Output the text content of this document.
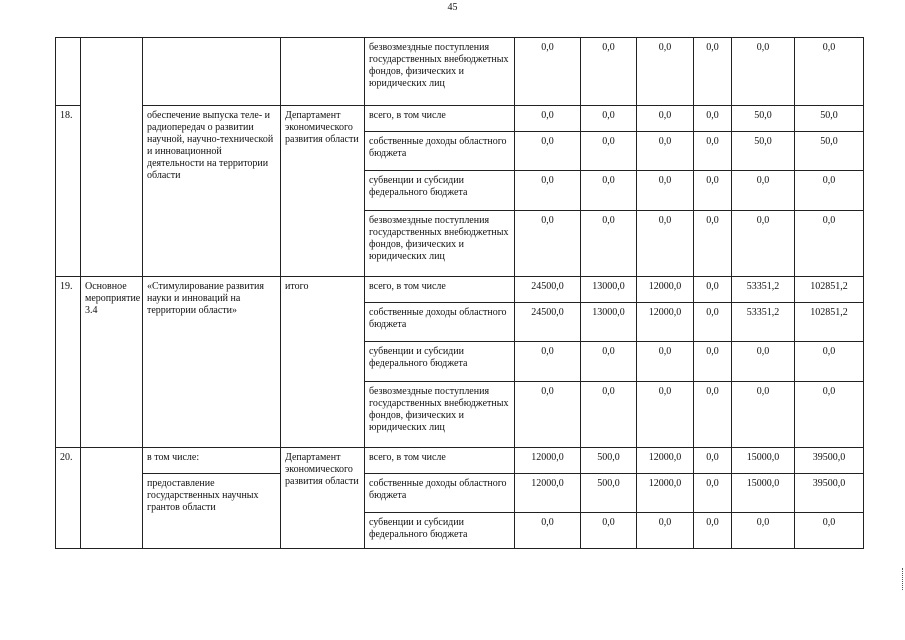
45
				безвозмездные поступления государственных внебюджетных фондов, физических и юридических лиц	0,0	0,0	0,0	0,0	0,0	0,0
18.		обеспечение выпуска теле- и радиопередач о развитии научной, научно-технической и инновационной деятельности на территории области	Департамент экономического развития области	всего, в том числе	0,0	0,0	0,0	0,0	50,0	50,0
				собственные доходы областного бюджета	0,0	0,0	0,0	0,0	50,0	50,0
				субвенции и субсидии федерального бюджета	0,0	0,0	0,0	0,0	0,0	0,0
				безвозмездные поступления государственных внебюджетных фондов, физических и юридических лиц	0,0	0,0	0,0	0,0	0,0	0,0
19.	Основное мероприятие 3.4	«Стимулирование развития науки и инноваций на территории области»	итого	всего, в том числе	24500,0	13000,0	12000,0	0,0	53351,2	102851,2
				собственные доходы областного бюджета	24500,0	13000,0	12000,0	0,0	53351,2	102851,2
				субвенции и субсидии федерального бюджета	0,0	0,0	0,0	0,0	0,0	0,0
				безвозмездные поступления государственных внебюджетных фондов, физических и юридических лиц	0,0	0,0	0,0	0,0	0,0	0,0
20.		в том числе:	Департамент экономического развития области	всего, в том числе	12000,0	500,0	12000,0	0,0	15000,0	39500,0
		предоставление государственных научных грантов области		собственные доходы областного бюджета	12000,0	500,0	12000,0	0,0	15000,0	39500,0
				субвенции и субсидии федерального бюджета	0,0	0,0	0,0	0,0	0,0	0,0
